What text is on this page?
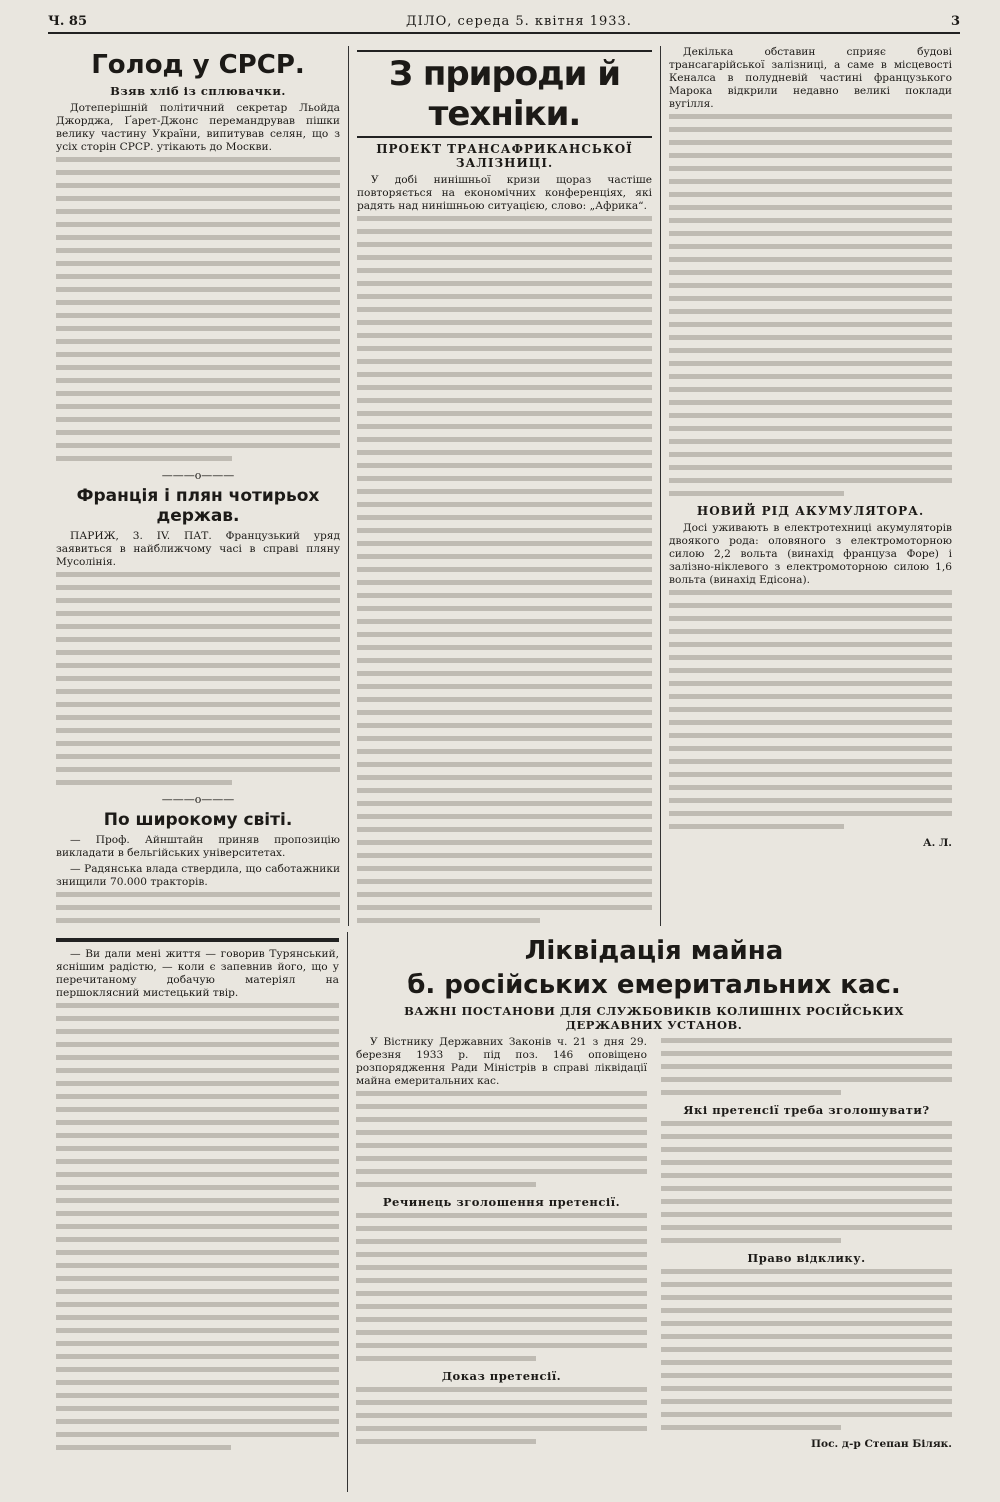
Ч. 85	ДІЛО, середа 5. квітня 1933.	3
Голод у СРСР.
Взяв хліб із сплювачки.

Дотеперішній політичний секретар Льойда Джорджа, Ґарет-Джонс перемандрував пішки велику частину України, випитував селян, що з усіх сторін СРСР. утікають до Москви.

———o———
Франція і плян чотирьох держав.

ПАРИЖ, 3. IV. ПАТ. Французький уряд заявиться в найближчому часі в справі пляну Мусолінія.

———o———
По широкому світі.

— Проф. Айнштайн приняв пропозицію викладати в бельгійських університетах.

— Радянська влада ствердила, що саботажники знищили 70.000 тракторів.

З природи й техніки.
ПРОЕКТ ТРАНСАФРИКАНСЬКОЇ ЗАЛІЗНИЦІ.

У добі нинішньої кризи щораз частіше повторяється на економічних конференціях, які радять над нинішньою ситуацією, слово: „Африка“.

Декілька обставин сприяє будові трансагарійської залізниці, а саме в місцевості Кеналса в полудневій частині французького Марока відкрили недавно великі поклади вугілля.

НОВИЙ РІД АКУМУЛЯТОРА.

Досі уживають в електротехниці акумуляторів двоякого рода: оловяного з електромоторною силою 2,2 вольта (винахід француза Форе) і залізно-ніклевого з електромоторною силою 1,6 вольта (винахід Едісона).

А. Л.

— Ви дали мені життя — говорив Турянський, яснішим радістю, — коли є запевнив його, що у перечитаному добачую матеріял на першоклясний мистецький твір.

Ліквідація майна
б. російських емеритальних кас.
ВАЖНІ ПОСТАНОВИ ДЛЯ СЛУЖБОВИКІВ КОЛИШНІХ РОСІЙСЬКИХ ДЕРЖАВНИХ УСТАНОВ.

У Вістнику Державних Законів ч. 21 з дня 29. березня 1933 р. під поз. 146 оповіщено розпорядження Ради Міністрів в справі ліквідації майна емеритальних кас.

Речинець зголошення претенсії.
Доказ претенсії.
Які претенсії треба зголошувати?
Право відклику.
Пос. д-р Степан Біляк.
